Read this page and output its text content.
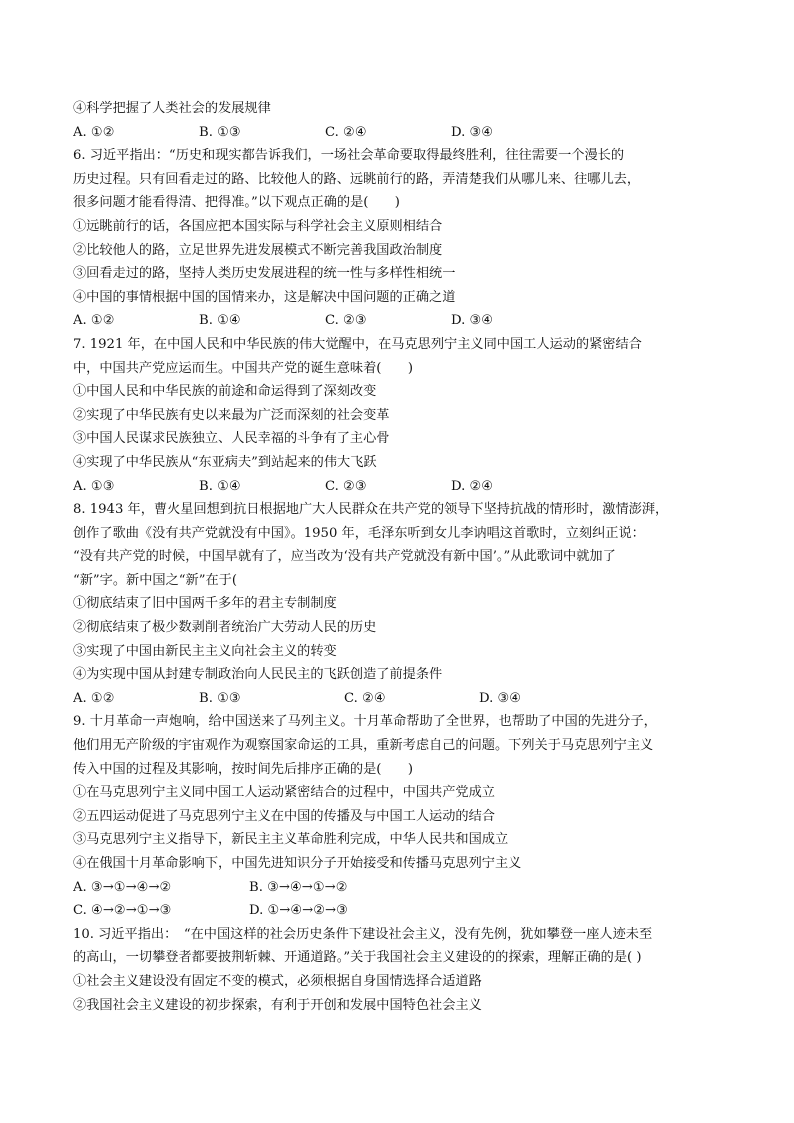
④科学把握了人类社会的发展规律
A. ①②	B. ①③	C. ②④	D. ③④
6. 习近平指出：“历史和现实都告诉我们，一场社会革命要取得最终胜利，往往需要一个漫长的
历史过程。只有回看走过的路、比较他人的路、远眺前行的路，弄清楚我们从哪儿来、往哪儿去，
很多问题才能看得清、把得准。”以下观点正确的是(　　)
①远眺前行的话，各国应把本国实际与科学社会主义原则相结合
②比较他人的路，立足世界先进发展模式不断完善我国政治制度
③回看走过的路，坚持人类历史发展进程的统一性与多样性相统一
④中国的事情根据中国的国情来办，这是解决中国问题的正确之道
A. ①②	B. ①④	C. ②③	D. ③④
7. 1921 年，在中国人民和中华民族的伟大觉醒中，在马克思列宁主义同中国工人运动的紧密结合
中，中国共产党应运而生。中国共产党的诞生意味着(　　)
①中国人民和中华民族的前途和命运得到了深刻改变
②实现了中华民族有史以来最为广泛而深刻的社会变革
③中国人民谋求民族独立、人民幸福的斗争有了主心骨
④实现了中华民族从“东亚病夫”到站起来的伟大飞跃
A. ①③	B. ①④	C. ②③	D. ②④
8. 1943 年，曹火星回想到抗日根据地广大人民群众在共产党的领导下坚持抗战的情形时，激情澎湃，
创作了歌曲《没有共产党就没有中国》。1950 年，毛泽东听到女儿李讷唱这首歌时，立刻纠正说：
“没有共产党的时候，中国早就有了，应当改为‘没有共产党就没有新中国’。”从此歌词中就加了
“新”字。新中国之“新”在于(
①彻底结束了旧中国两千多年的君主专制制度
②彻底结束了极少数剥削者统治广大劳动人民的历史
③实现了中国由新民主主义向社会主义的转变
④为实现中国从封建专制政治向人民民主的飞跃创造了前提条件
A. ①②	B. ①③	C. ②④	D. ③④
9. 十月革命一声炮响，给中国送来了马列主义。十月革命帮助了全世界，也帮助了中国的先进分子，
他们用无产阶级的宇宙观作为观察国家命运的工具，重新考虑自己的问题。下列关于马克思列宁主义
传入中国的过程及其影响，按时间先后排序正确的是(　　)
①在马克思列宁主义同中国工人运动紧密结合的过程中，中国共产党成立
②五四运动促进了马克思列宁主义在中国的传播及与中国工人运动的结合
③马克思列宁主义指导下，新民主主义革命胜利完成，中华人民共和国成立
④在俄国十月革命影响下，中国先进知识分子开始接受和传播马克思列宁主义
A. ③→①→④→②	B. ③→④→①→②
C. ④→②→①→③	D. ①→④→②→③
10. 习近平指出：　“在中国这样的社会历史条件下建设社会主义，没有先例，犹如攀登一座人迹未至
的高山，一切攀登者都要披荆斩棘、开通道路。”关于我国社会主义建设的的探索，理解正确的是( )
①社会主义建设没有固定不变的模式，必须根据自身国情选择合适道路
②我国社会主义建设的初步探索，有利于开创和发展中国特色社会主义
